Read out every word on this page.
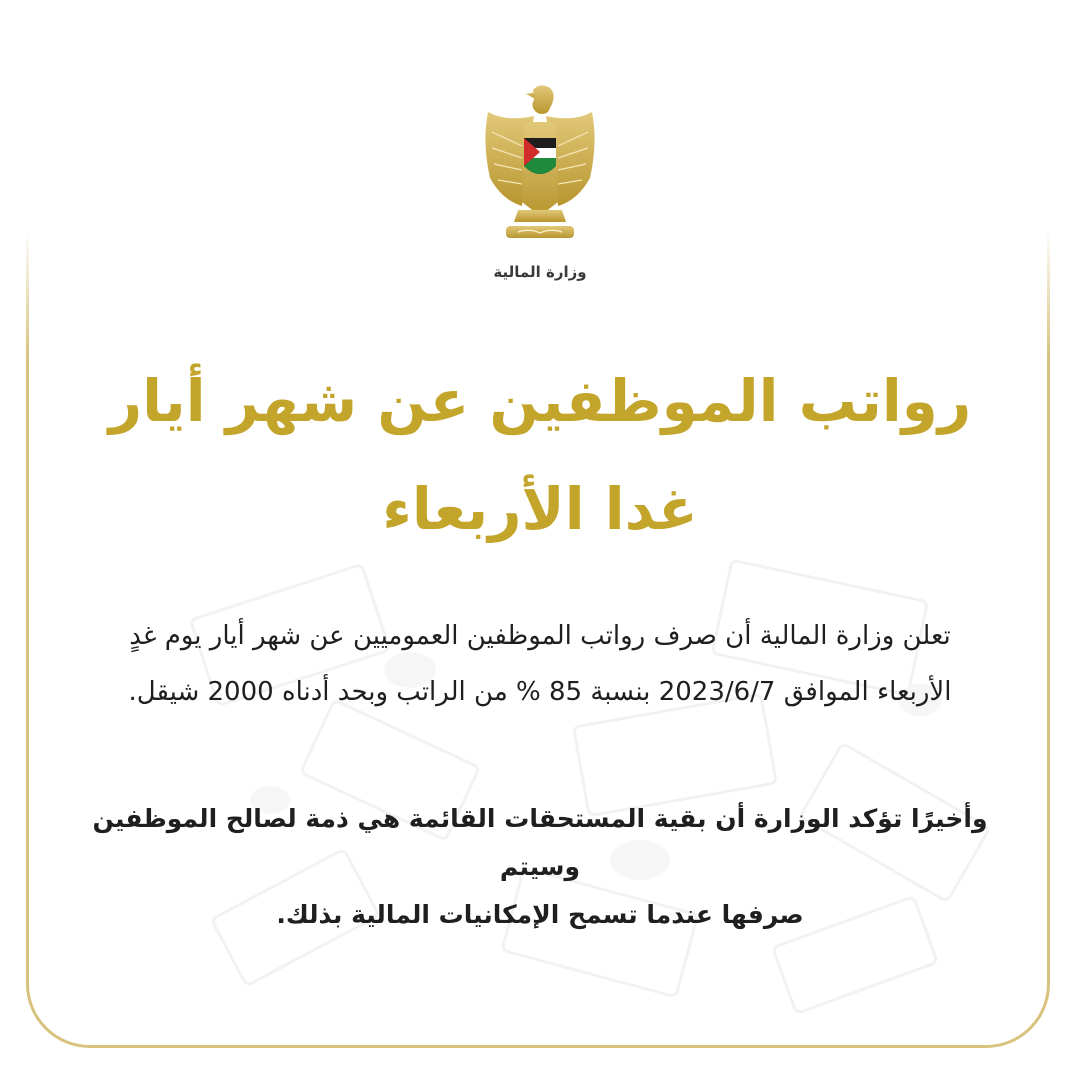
وزارة المالية
رواتب الموظفين عن شهر أيار
غدا الأربعاء
تعلن وزارة المالية أن صرف رواتب الموظفين العموميين عن شهر أيار يوم غدٍ
الأربعاء الموافق 2023/6/7 بنسبة 85 % من الراتب وبحد أدناه 2000 شيقل.
وأخيرًا تؤكد الوزارة أن بقية المستحقات القائمة هي ذمة لصالح الموظفين وسيتم
صرفها عندما تسمح الإمكانيات المالية بذلك.
